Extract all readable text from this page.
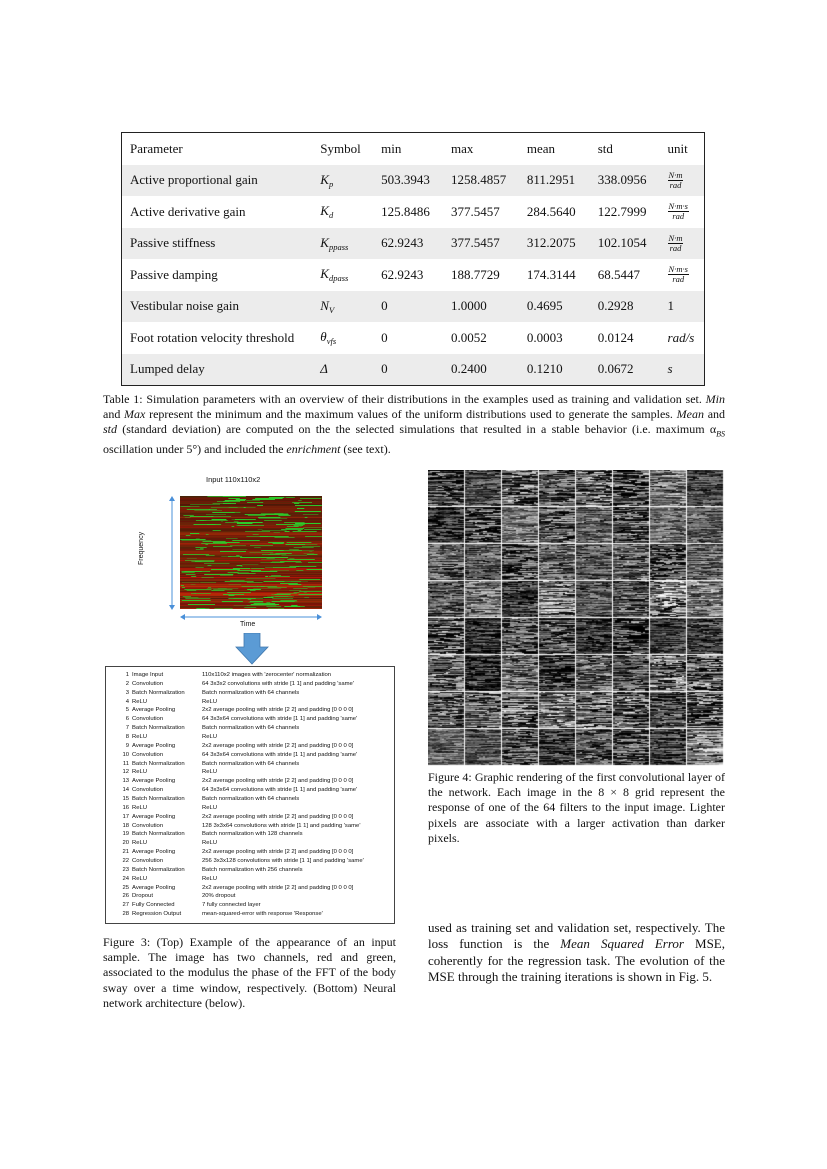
Parameter	Symbol	min	max	mean	std	unit
Active proportional gain	$K_p$	503.3943	1258.4857	811.2951	338.0956	$\frac{N\cdot m}{\text{rad}}$

Active derivative gain	$K_d$	125.8486	377.5457	284.5640	122.7999	$\frac{N\cdot m\cdot s}{\text{rad}}$

Passive stiffness	$K_{ppass}$	62.9243	377.5457	312.2075	102.1054	$\frac{N\cdot m}{\text{rad}}$

Passive damping	$K_{dpass}$	62.9243	188.7729	174.3144	68.5447	$\frac{N\cdot m\cdot s}{\text{rad}}$

Vestibular noise gain	$N_V$	0	1.0000	0.4695	0.2928	1
Foot rotation velocity threshold	$\theta_{vfs}$	0	0.0052	0.0003	0.0124	rad/s
Lumped delay	Δ	0	0.2400	0.1210	0.0672	s
Table 1: Simulation parameters with an overview of their distributions in the examples used as training and validation set. Min and Max represent the minimum and the maximum values of the uniform distributions used to generate the samples. Mean and std (standard deviation) are computed on the the selected simulations that resulted in a stable behavior (i.e. maximum $\alpha_{BS}$ oscillation under 5°) and included the enrichment (see text).
Input 110x110x2
Frequency
Time
1 Image Input	110x110x2 images with 'zerocenter' normalization
2 Convolution	64 3x3x2 convolutions with stride [1 1] and padding 'same'
3 Batch Normalization	Batch normalization with 64 channels
4 ReLU	ReLU
5 Average Pooling	2x2 average pooling with stride [2 2] and padding [0 0 0 0]
6 Convolution	64 3x3x64 convolutions with stride [1 1] and padding 'same'
7 Batch Normalization	Batch normalization with 64 channels
8 ReLU	ReLU
9 Average Pooling	2x2 average pooling with stride [2 2] and padding [0 0 0 0]
10 Convolution	64 3x3x64 convolutions with stride [1 1] and padding 'same'
11 Batch Normalization	Batch normalization with 64 channels
12 ReLU	ReLU
13 Average Pooling	2x2 average pooling with stride [2 2] and padding [0 0 0 0]
14 Convolution	64 3x3x64 convolutions with stride [1 1] and padding 'same'
15 Batch Normalization	Batch normalization with 64 channels
16 ReLU	ReLU
17 Average Pooling	2x2 average pooling with stride [2 2] and padding [0 0 0 0]
18 Convolution	128 3x3x64 convolutions with stride [1 1] and padding 'same'
19 Batch Normalization	Batch normalization with 128 channels
20 ReLU	ReLU
21 Average Pooling	2x2 average pooling with stride [2 2] and padding [0 0 0 0]
22 Convolution	256 3x3x128 convolutions with stride [1 1] and padding 'same'
23 Batch Normalization	Batch normalization with 256 channels
24 ReLU	ReLU
25 Average Pooling	2x2 average pooling with stride [2 2] and padding [0 0 0 0]
26 Dropout	20% dropout
27 Fully Connected	7 fully connected layer
28 Regression Output	mean-squared-error with response 'Response'
Figure 3: (Top) Example of the appearance of an input sample. The image has two channels, red and green, associated to the modulus the phase of the FFT of the body sway over a time window, respectively. (Bottom) Neural network architecture (below).
Figure 4: Graphic rendering of the first convolutional layer of the network. Each image in the 8 × 8 grid represent the response of one of the 64 filters to the input image. Lighter pixels are associate with a larger activation than darker pixels.
used as training set and validation set, respectively. The loss function is the Mean Squared Error MSE, coherently for the regression task. The evolution of the MSE through the training iterations is shown in Fig. 5.
